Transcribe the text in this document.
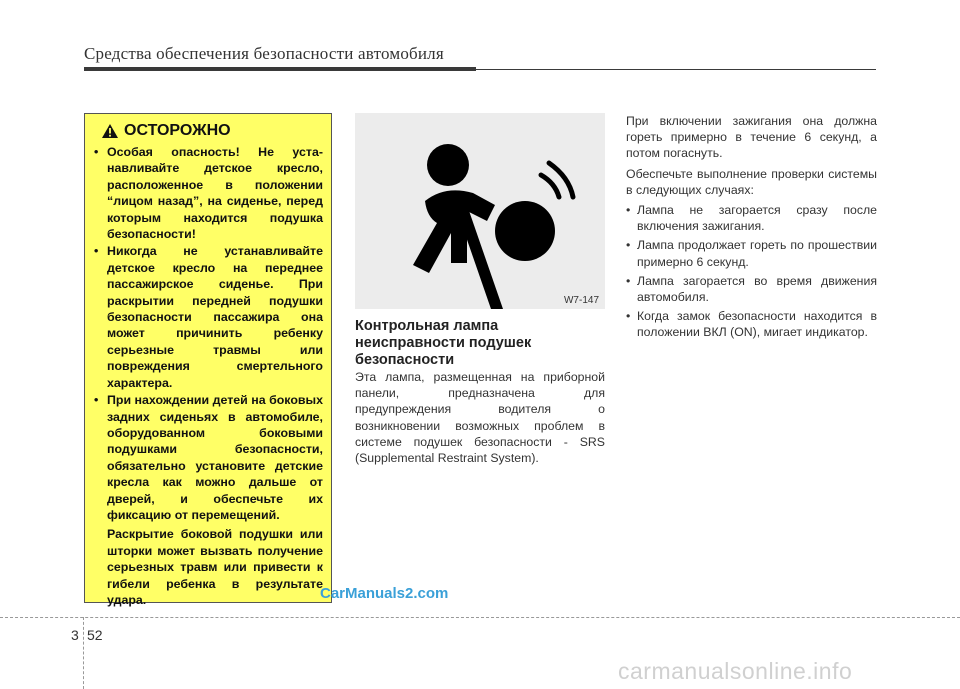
Средства обеспечения безопасности автомобиля
ОСТОРОЖНО
• Особая опасность! Не уста-навливайте детское кресло, расположенное в положении “лицом назад”, на сиденье, перед которым находится подушка безопасности!
• Никогда не устанавливайте детское кресло на переднее пассажирское сиденье. При раскрытии передней подушки безопасности пассажира она может причинить ребенку серьезные травмы или повреждения смертельного характера.
• При нахождении детей на боковых задних сиденьях в автомобиле, оборудованном боковыми подушками безопасности, обязательно установите детские кресла как можно дальше от дверей, и обеспечьте их фиксацию от перемещений.
Раскрытие боковой подушки или шторки может вызвать получение серьезных травм или привести к гибели ребенка в результате удара.
W7-147
Контрольная лампа неисправности подушек безопасности

Эта лампа, размещенная на приборной панели, предназначена для предупреждения водителя о возникновении возможных проблем в системе подушек безопасности - SRS (Supplemental Restraint System).

При включении зажигания она должна гореть примерно в течение 6 секунд, а потом погаснуть.

Обеспечьте выполнение проверки системы в следующих случаях:

• Лампа не загорается сразу после включения зажигания.
• Лампа продолжает гореть по прошествии примерно 6 секунд.
• Лампа загорается во время движения автомобиля.
• Когда замок безопасности находится в положении ВКЛ (ON), мигает индикатор.
CarManuals2.com
3 52
carmanualsonline.info
